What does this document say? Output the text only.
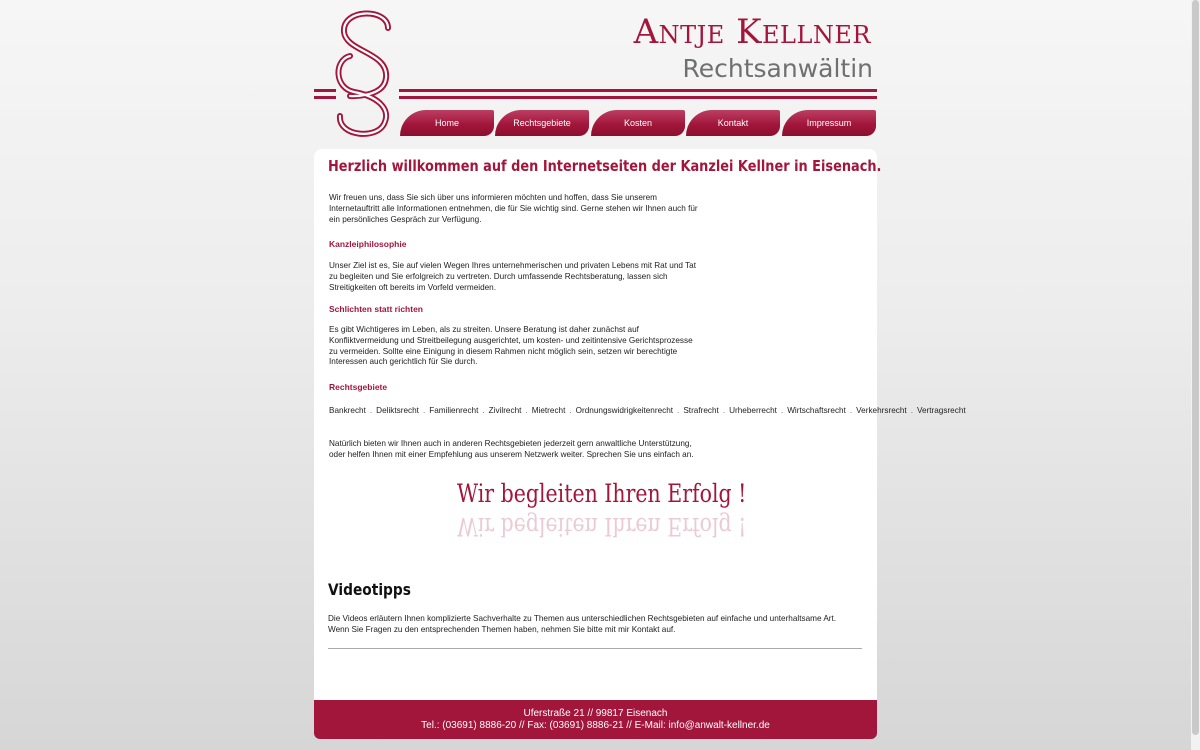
Antje Kellner
Rechtsanwältin
Home	Rechtsgebiete	Kosten	Kontakt	Impressum
Herzlich willkommen auf den Internetseiten der Kanzlei Kellner in Eisenach.
Wir freuen uns, dass Sie sich über uns informieren möchten und hoffen, dass Sie unserem Internetauftritt alle Informationen entnehmen, die für Sie wichtig sind. Gerne stehen wir Ihnen auch für ein persönliches Gespräch zur Verfügung.
Kanzleiphilosophie
Unser Ziel ist es, Sie auf vielen Wegen Ihres unternehmerischen und privaten Lebens mit Rat und Tat zu begleiten und Sie erfolgreich zu vertreten. Durch umfassende Rechtsberatung, lassen sich Streitigkeiten oft bereits im Vorfeld vermeiden.
Schlichten statt richten
Es gibt Wichtigeres im Leben, als zu streiten. Unsere Beratung ist daher zunächst auf Konfliktvermeidung und Streitbeilegung ausgerichtet, um kosten- und zeitintensive Gerichtsprozesse zu vermeiden. Sollte eine Einigung in diesem Rahmen nicht möglich sein, setzen wir berechtigte Interessen auch gerichtlich für Sie durch.
Rechtsgebiete
Bankrecht . Deliktsrecht . Familienrecht . Zivilrecht . Mietrecht . Ordnungswidrigkeitenrecht . Strafrecht . Urheberrecht . Wirtschaftsrecht . Verkehrsrecht . Vertragsrecht
Natürlich bieten wir Ihnen auch in anderen Rechtsgebieten jederzeit gern anwaltliche Unterstützung, oder helfen Ihnen mit einer Empfehlung aus unserem Netzwerk weiter. Sprechen Sie uns einfach an.
Wir begleiten Ihren Erfolg !
Wir begleiten Ihren Erfolg !
Videotipps
Die Videos erläutern Ihnen komplizierte Sachverhalte zu Themen aus unterschiedlichen Rechtsgebieten auf einfache und unterhaltsame Art.
Wenn Sie Fragen zu den entsprechenden Themen haben, nehmen Sie bitte mit mir Kontakt auf.
Uferstraße 21 // 99817 Eisenach
Tel.: (03691) 8886-20 // Fax: (03691) 8886-21 // E-Mail: info@anwalt-kellner.de
